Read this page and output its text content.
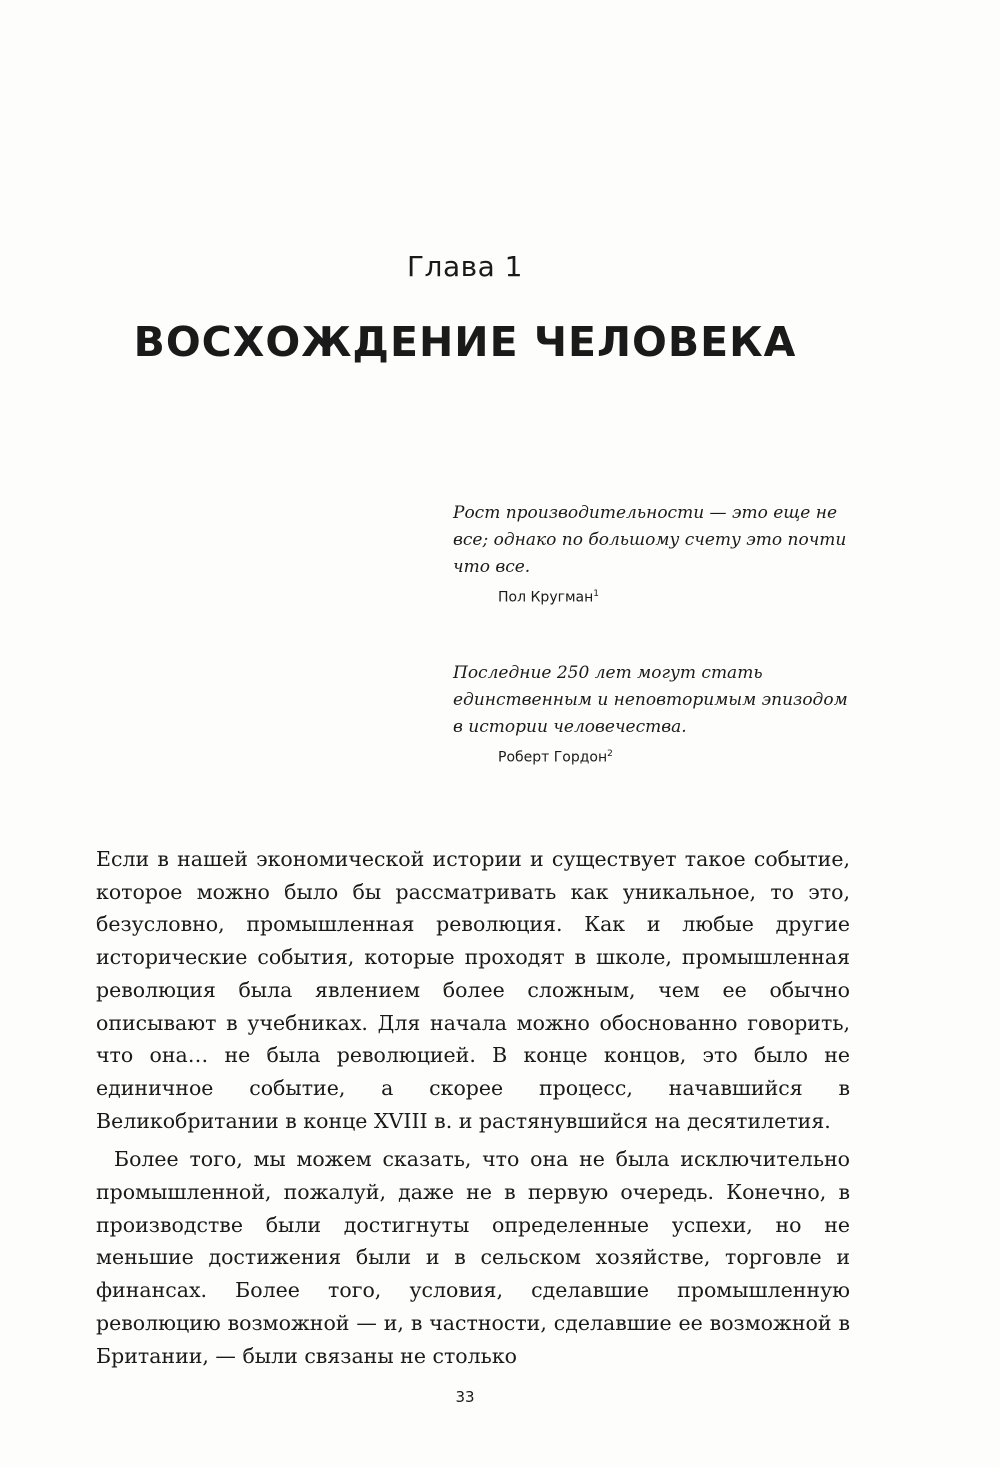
Глава 1
ВОСХОЖДЕНИЕ ЧЕЛОВЕКА

Рост производительности — это еще не все; однако по большому счету это почти что все.

Пол Кругман$^1$

Последние 250 лет могут стать единственным и неповторимым эпизодом в истории человечества.

Роберт Гордон$^2$

Если в нашей экономической истории и существует такое событие, которое можно было бы рассматривать как уникальное, то это, безусловно, промышленная революция. Как и любые другие исторические события, которые проходят в школе, промышленная революция была явлением более сложным, чем ее обычно описывают в учебниках. Для начала можно обоснованно говорить, что она… не была революцией. В конце концов, это было не единичное событие, а скорее процесс, начавшийся в Великобритании в конце XVIII в. и растянувшийся на десятилетия.

Более того, мы можем сказать, что она не была исключительно промышленной, пожалуй, даже не в первую очередь. Конечно, в производстве были достигнуты определенные успехи, но не меньшие достижения были и в сельском хозяйстве, торговле и финансах. Более того, условия, сделавшие промышленную революцию возможной — и, в частности, сделавшие ее возможной в Британии, — были связаны не столько

33
